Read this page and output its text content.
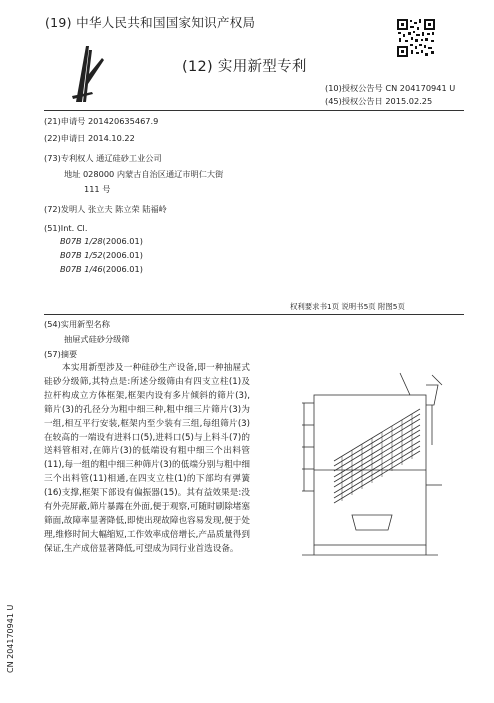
(19) 中华人民共和国国家知识产权局
(12) 实用新型专利
(10)授权公告号 CN 204170941 U
(45)授权公告日 2015.02.25
(21)申请号 201420635467.9
(22)申请日 2014.10.22
(73)专利权人 通辽硅砂工业公司
地址 028000 内蒙古自治区通辽市明仁大街
111 号
(72)发明人 张立夫 陈立荣 陆福岭
(51)Int. Cl.
B07B 1/28(2006.01)
B07B 1/52(2006.01)
B07B 1/46(2006.01)
权利要求书1页 说明书5页 附图5页
(54)实用新型名称
抽屉式硅砂分级筛
(57)摘要
本实用新型涉及一种硅砂生产设备,即一种抽屉式硅砂分级筛,其特点是:所述分级筛由有四支立柱(1)及拉杆构成立方体框架,框架内设有多片倾斜的筛片(3),筛片(3)的孔径分为粗中细三种,粗中细三片筛片(3)为一组,相互平行安装,框架内至少装有三组,每组筛片(3)在较高的一端设有进料口(5),进料口(5)与上料斗(7)的送料管相对,在筛片(3)的低端设有粗中细三个出料管(11),每一组的粗中细三种筛片(3)的低端分别与粗中细三个出料管(11)相通,在四支立柱(1)的下部均有弹簧(16)支撑,框架下部设有偏振器(15)。其有益效果是:没有外壳屏蔽,筛片暴露在外面,便于观察,可随时刷除堵塞筛面,故障率显著降低,即使出现故障也容易发现,便于处理,维修时间大幅缩短,工作效率成倍增长,产品质量得到保证,生产成倍显著降低,可望成为同行业首选设备。
CN 204170941 U
